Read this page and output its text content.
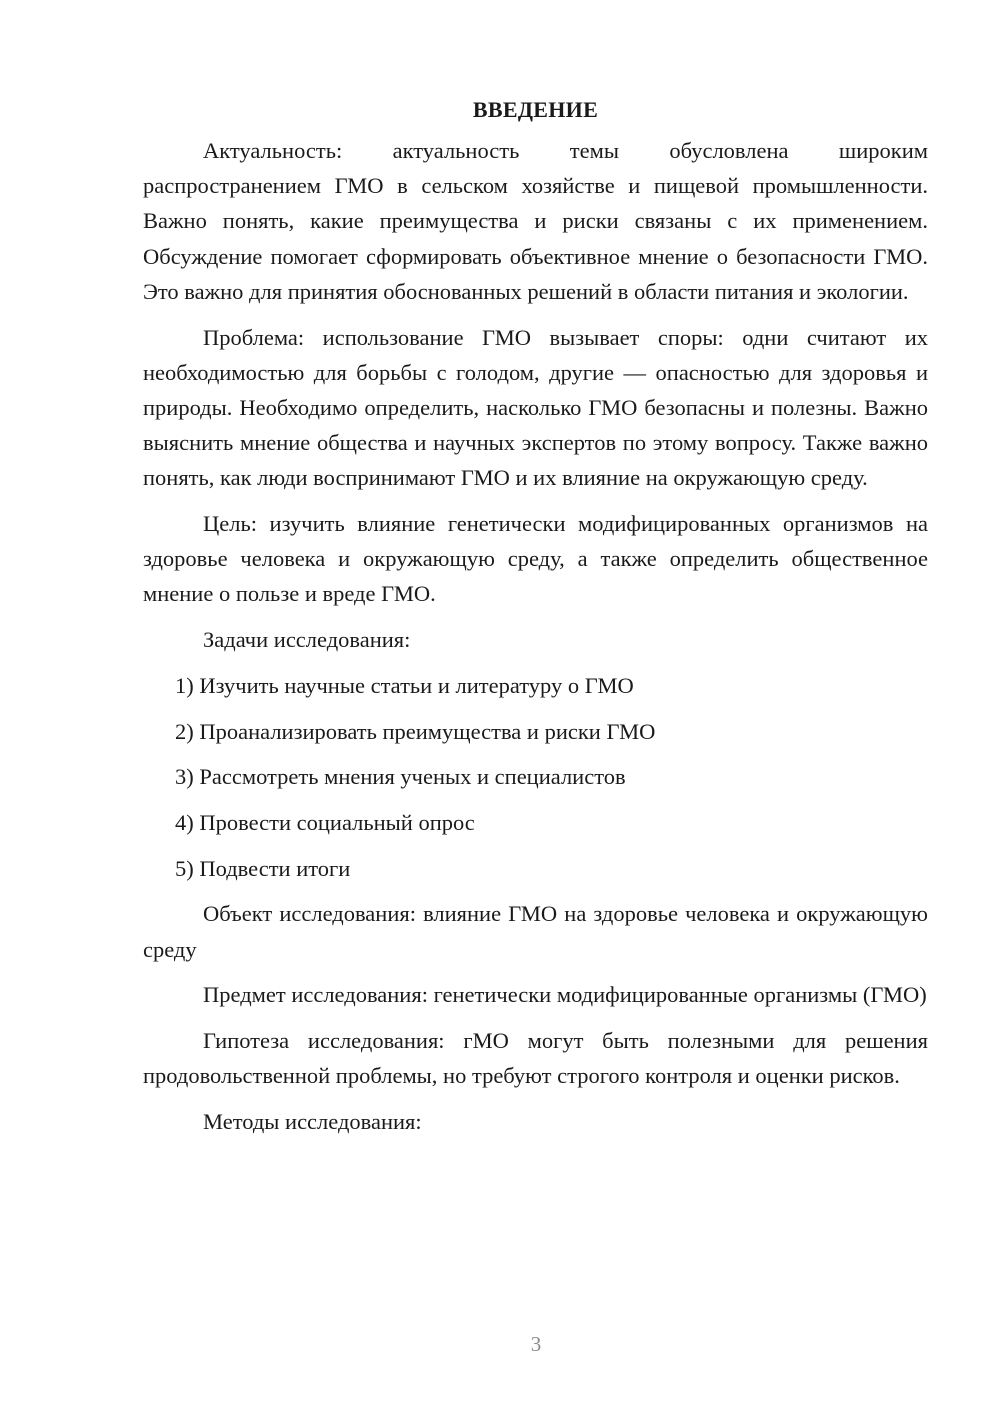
ВВЕДЕНИЕ

Актуальность: актуальность темы обусловлена широким распространением ГМО в сельском хозяйстве и пищевой промышленности. Важно понять, какие преимущества и риски связаны с их применением. Обсуждение помогает сформировать объективное мнение о безопасности ГМО. Это важно для принятия обоснованных решений в области питания и экологии.

Проблема: использование ГМО вызывает споры: одни считают их необходимостью для борьбы с голодом, другие — опасностью для здоровья и природы. Необходимо определить, насколько ГМО безопасны и полезны. Важно выяснить мнение общества и научных экспертов по этому вопросу. Также важно понять, как люди воспринимают ГМО и их влияние на окружающую среду.

Цель: изучить влияние генетически модифицированных организмов на здоровье человека и окружающую среду, а также определить общественное мнение о пользе и вреде ГМО.

Задачи исследования:

1) Изучить научные статьи и литературу о ГМО

2) Проанализировать преимущества и риски ГМО

3) Рассмотреть мнения ученых и специалистов

4) Провести социальный опрос

5) Подвести итоги

Объект исследования: влияние ГМО на здоровье человека и окружающую среду

Предмет исследования: генетически модифицированные организмы (ГМО)

Гипотеза исследования: гМО могут быть полезными для решения продовольственной проблемы, но требуют строгого контроля и оценки рисков.

Методы исследования:

3
